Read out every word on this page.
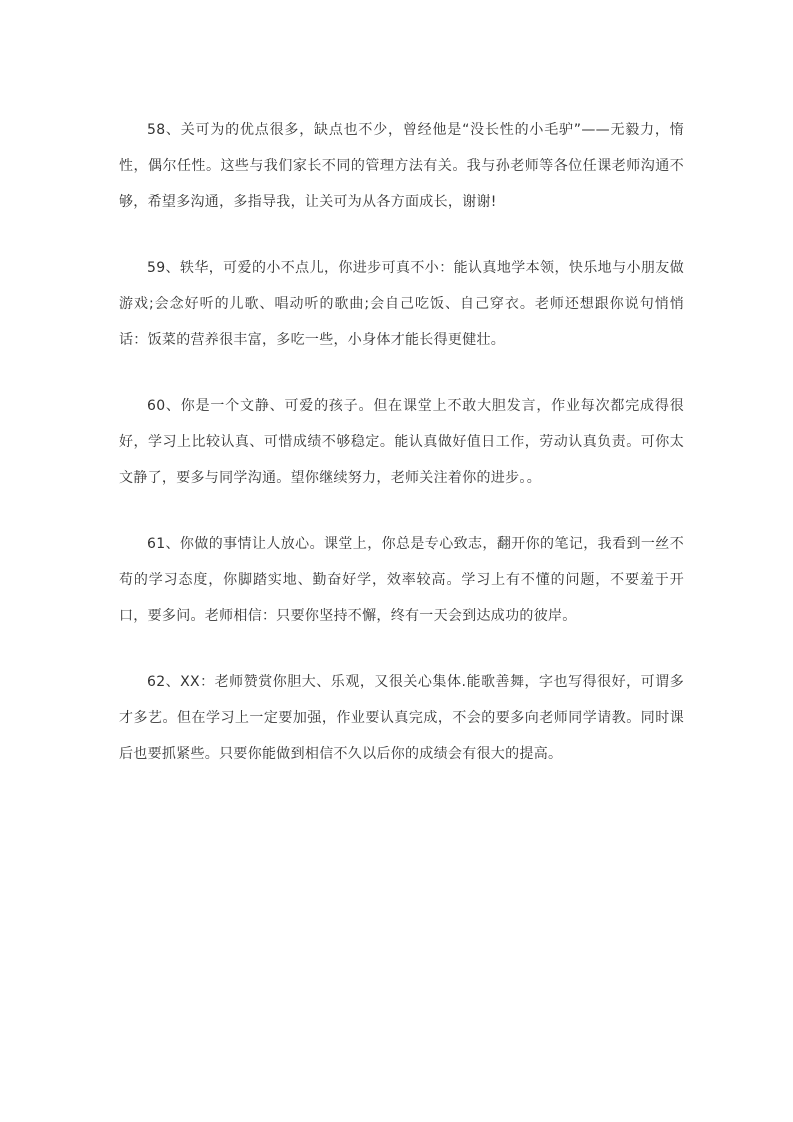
58、关可为的优点很多，缺点也不少，曾经他是“没长性的小毛驴”——无毅力，惰性，偶尔任性。这些与我们家长不同的管理方法有关。我与孙老师等各位任课老师沟通不够，希望多沟通，多指导我，让关可为从各方面成长，谢谢!

59、轶华，可爱的小不点儿，你进步可真不小：能认真地学本领，快乐地与小朋友做游戏;会念好听的儿歌、唱动听的歌曲;会自己吃饭、自己穿衣。老师还想跟你说句悄悄话：饭菜的营养很丰富，多吃一些，小身体才能长得更健壮。

60、你是一个文静、可爱的孩子。但在课堂上不敢大胆发言，作业每次都完成得很好，学习上比较认真、可惜成绩不够稳定。能认真做好值日工作，劳动认真负责。可你太文静了，要多与同学沟通。望你继续努力，老师关注着你的进步。。

61、你做的事情让人放心。课堂上，你总是专心致志，翻开你的笔记，我看到一丝不苟的学习态度，你脚踏实地、勤奋好学，效率较高。学习上有不懂的问题，不要羞于开口，要多问。老师相信：只要你坚持不懈，终有一天会到达成功的彼岸。

62、XX：老师赞赏你胆大、乐观，又很关心集体.能歌善舞，字也写得很好，可谓多才多艺。但在学习上一定要加强，作业要认真完成，不会的要多向老师同学请教。同时课后也要抓紧些。只要你能做到相信不久以后你的成绩会有很大的提高。
